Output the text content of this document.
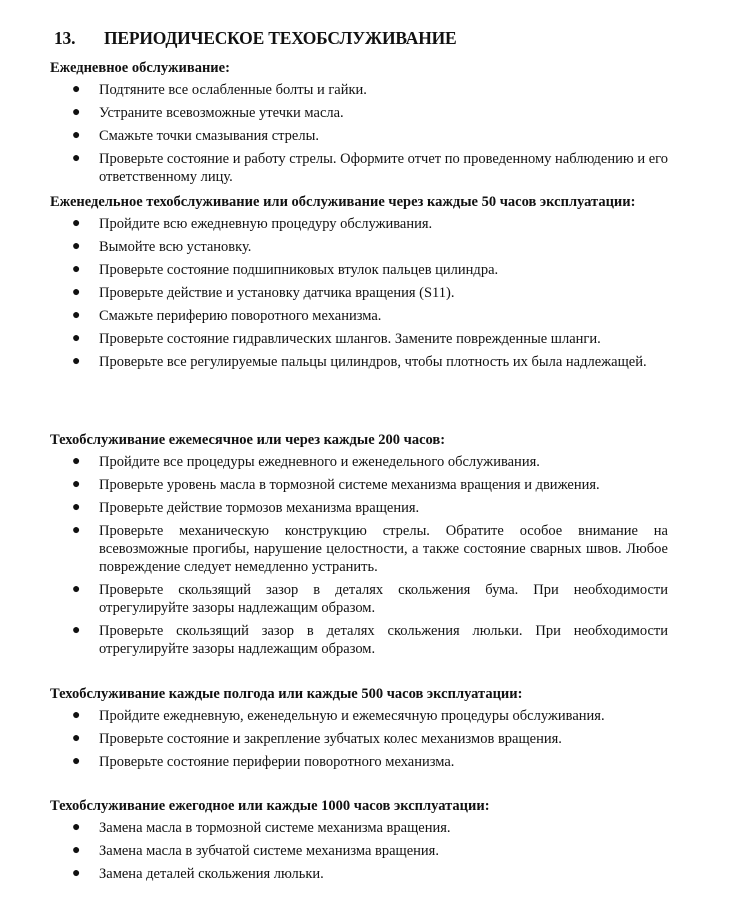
13. ПЕРИОДИЧЕСКОЕ ТЕХОБСЛУЖИВАНИЕ

Ежедневное обслуживание:

● Подтяните все ослабленные болты и гайки.
● Устраните всевозможные утечки масла.
● Смажьте точки смазывания стрелы.
● Проверьте состояние и работу стрелы. Оформите отчет по проведенному наблюдению и его ответственному лицу.

Еженедельное техобслуживание или обслуживание через каждые 50 часов эксплуатации:

● Пройдите всю ежедневную процедуру обслуживания.
● Вымойте всю установку.
● Проверьте состояние подшипниковых втулок пальцев цилиндра.
● Проверьте действие и установку датчика вращения (S11).
● Смажьте периферию поворотного механизма.
● Проверьте состояние гидравлических шлангов. Замените поврежденные шланги.
● Проверьте все регулируемые пальцы цилиндров, чтобы плотность их была надлежащей.

Техобслуживание ежемесячное или через каждые 200 часов:

● Пройдите все процедуры ежедневного и еженедельного обслуживания.
● Проверьте уровень масла в тормозной системе механизма вращения и движения.
● Проверьте действие тормозов механизма вращения.
● Проверьте механическую конструкцию стрелы. Обратите особое внимание на всевозможные прогибы, нарушение целостности, а также состояние сварных швов. Любое повреждение следует немедленно устранить.
● Проверьте скользящий зазор в деталях скольжения бума. При необходимости отрегулируйте зазоры надлежащим образом.
● Проверьте скользящий зазор в деталях скольжения люльки. При необходимости отрегулируйте зазоры надлежащим образом.

Техобслуживание каждые полгода или каждые 500 часов эксплуатации:

● Пройдите ежедневную, еженедельную и ежемесячную процедуры обслуживания.
● Проверьте состояние и закрепление зубчатых колес механизмов вращения.
● Проверьте состояние периферии поворотного механизма.

Техобслуживание ежегодное или каждые 1000 часов эксплуатации:

● Замена масла в тормозной системе механизма вращения.
● Замена масла в зубчатой системе механизма вращения.
● Замена деталей скольжения люльки.
